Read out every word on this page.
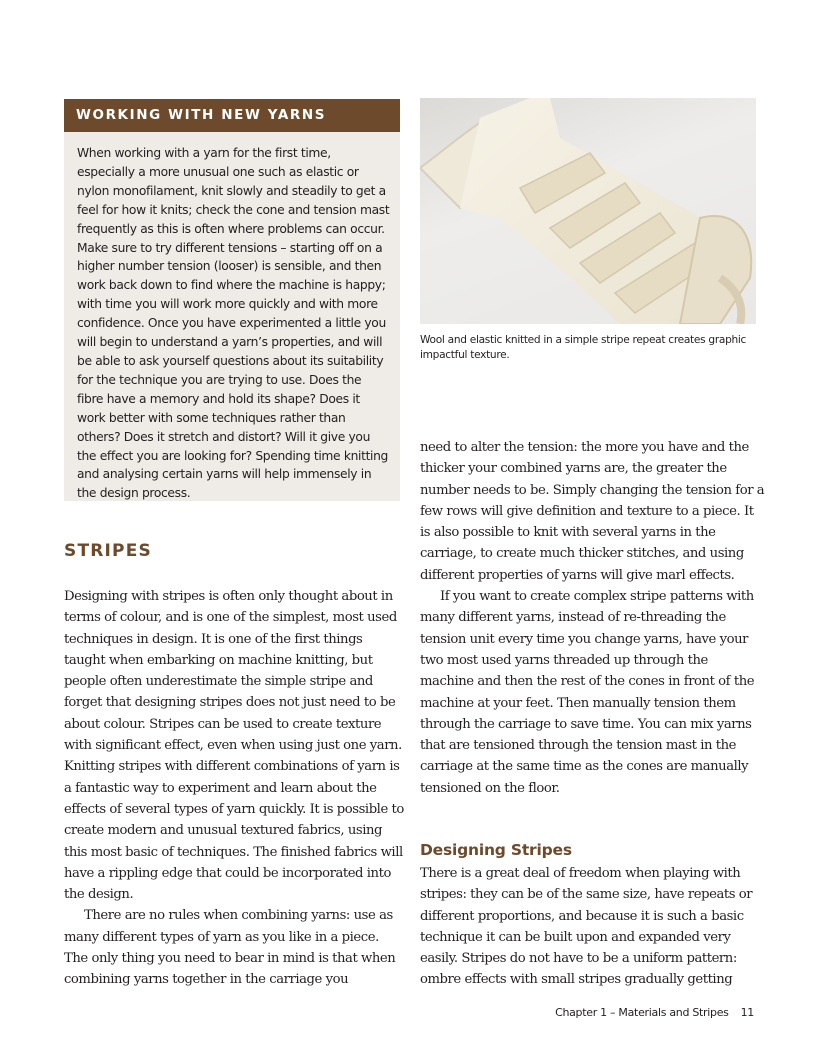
WORKING WITH NEW YARNS

When working with a yarn for the first time, especially a more unusual one such as elastic or nylon monofilament, knit slowly and steadily to get a feel for how it knits; check the cone and tension mast frequently as this is often where problems can occur. Make sure to try different tensions – starting off on a higher number tension (looser) is sensible, and then work back down to find where the machine is happy; with time you will work more quickly and with more confidence. Once you have experimented a little you will begin to understand a yarn’s properties, and will be able to ask yourself questions about its suitability for the technique you are trying to use. Does the fibre have a memory and hold its shape? Does it work better with some techniques rather than others? Does it stretch and distort? Will it give you the effect you are looking for? Spending time knitting and analysing certain yarns will help immensely in the design process.

Wool and elastic knitted in a simple stripe repeat creates graphic impactful texture.
STRIPES

Designing with stripes is often only thought about in terms of colour, and is one of the simplest, most used techniques in design. It is one of the first things taught when embarking on machine knitting, but people often underestimate the simple stripe and forget that designing stripes does not just need to be about colour. Stripes can be used to create texture with significant effect, even when using just one yarn. Knitting stripes with different combinations of yarn is a fantastic way to experiment and learn about the effects of several types of yarn quickly. It is possible to create modern and unusual textured fabrics, using this most basic of techniques. The finished fabrics will have a rippling edge that could be incorporated into the design.

There are no rules when combining yarns: use as many different types of yarn as you like in a piece. The only thing you need to bear in mind is that when combining yarns together in the carriage you

need to alter the tension: the more you have and the thicker your combined yarns are, the greater the number needs to be. Simply changing the tension for a few rows will give definition and texture to a piece. It is also possible to knit with several yarns in the carriage, to create much thicker stitches, and using different properties of yarns will give marl effects.

If you want to create complex stripe patterns with many different yarns, instead of re-threading the tension unit every time you change yarns, have your two most used yarns threaded up through the machine and then the rest of the cones in front of the machine at your feet. Then manually tension them through the carriage to save time. You can mix yarns that are tensioned through the tension mast in the carriage at the same time as the cones are manually tensioned on the floor.

Designing Stripes

There is a great deal of freedom when playing with stripes: they can be of the same size, have repeats or different proportions, and because it is such a basic technique it can be built upon and expanded very easily. Stripes do not have to be a uniform pattern: ombre effects with small stripes gradually getting

Chapter 1 – Materials and Stripes 11
